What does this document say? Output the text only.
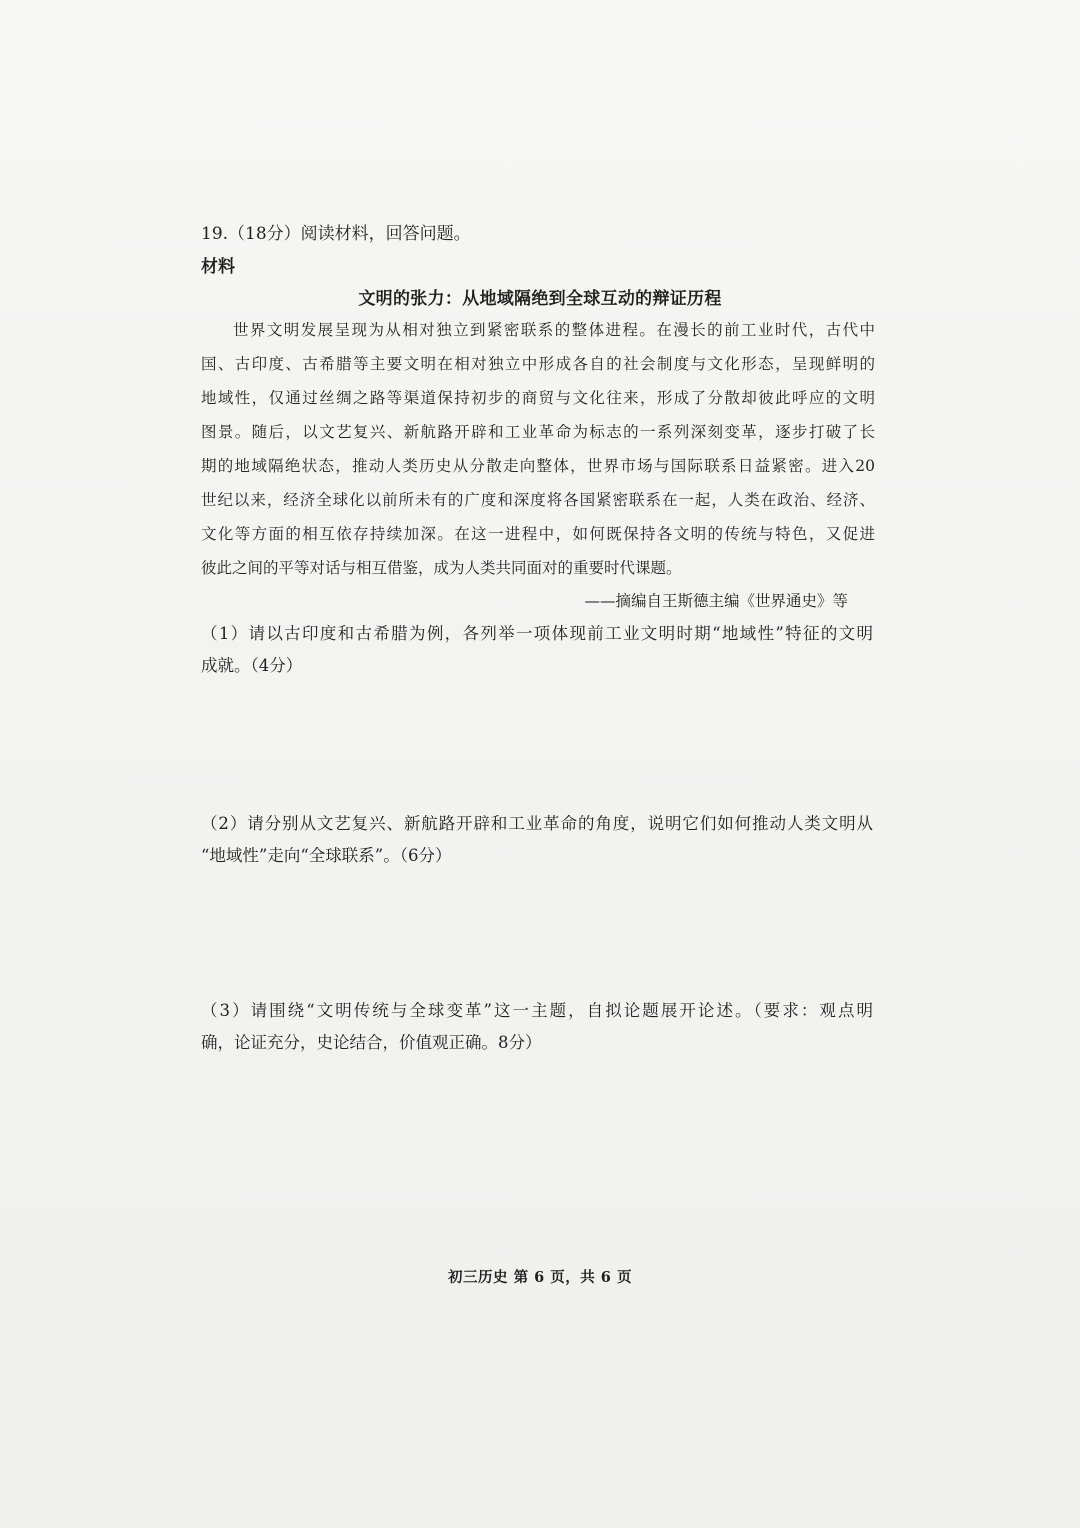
19.（18分）阅读材料，回答问题。
材料
文明的张力：从地域隔绝到全球互动的辩证历程
世界文明发展呈现为从相对独立到紧密联系的整体进程。在漫长的前工业时代，古代中
国、古印度、古希腊等主要文明在相对独立中形成各自的社会制度与文化形态，呈现鲜明的
地域性，仅通过丝绸之路等渠道保持初步的商贸与文化往来，形成了分散却彼此呼应的文明
图景。随后，以文艺复兴、新航路开辟和工业革命为标志的一系列深刻变革，逐步打破了长
期的地域隔绝状态，推动人类历史从分散走向整体，世界市场与国际联系日益紧密。进入20
世纪以来，经济全球化以前所未有的广度和深度将各国紧密联系在一起，人类在政治、经济、
文化等方面的相互依存持续加深。在这一进程中，如何既保持各文明的传统与特色，又促进
彼此之间的平等对话与相互借鉴，成为人类共同面对的重要时代课题。
——摘编自王斯德主编《世界通史》等
（1）请以古印度和古希腊为例，各列举一项体现前工业文明时期“地域性”特征的文明
成就。（4分）
（2）请分别从文艺复兴、新航路开辟和工业革命的角度，说明它们如何推动人类文明从
“地域性”走向“全球联系”。（6分）
（3）请围绕“文明传统与全球变革”这一主题，自拟论题展开论述。（要求：观点明
确，论证充分，史论结合，价值观正确。8分）
初三历史 第 6 页，共 6 页
